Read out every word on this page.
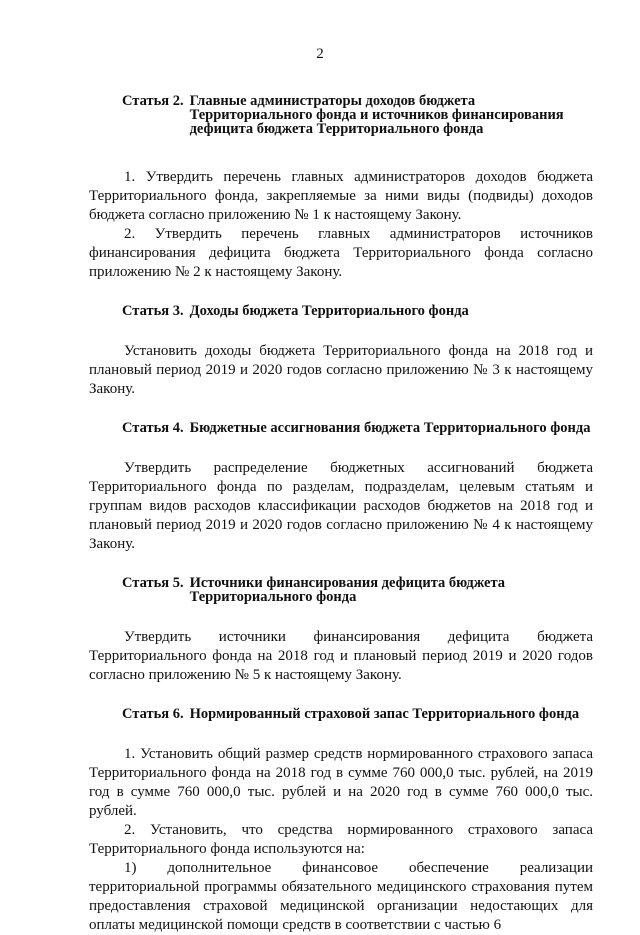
2
Статья 2. Главные администраторы доходов бюджета Территориального фонда и источников финансирования дефицита бюджета Территориального фонда

1. Утвердить перечень главных администраторов доходов бюджета Территориального фонда, закрепляемые за ними виды (подвиды) доходов бюджета согласно приложению № 1 к настоящему Закону.

2. Утвердить перечень главных администраторов источников финансирования дефицита бюджета Территориального фонда согласно приложению № 2 к настоящему Закону.

Статья 3. Доходы бюджета Территориального фонда

Установить доходы бюджета Территориального фонда на 2018 год и плановый период 2019 и 2020 годов согласно приложению № 3 к настоящему Закону.

Статья 4. Бюджетные ассигнования бюджета Территориального фонда

Утвердить распределение бюджетных ассигнований бюджета Территориального фонда по разделам, подразделам, целевым статьям и группам видов расходов классификации расходов бюджетов на 2018 год и плановый период 2019 и 2020 годов согласно приложению № 4 к настоящему Закону.

Статья 5. Источники финансирования дефицита бюджета Территориального фонда

Утвердить источники финансирования дефицита бюджета Территориального фонда на 2018 год и плановый период 2019 и 2020 годов согласно приложению № 5 к настоящему Закону.

Статья 6. Нормированный страховой запас Территориального фонда

1. Установить общий размер средств нормированного страхового запаса Территориального фонда на 2018 год в сумме 760 000,0 тыс. рублей, на 2019 год в сумме 760 000,0 тыс. рублей и на 2020 год в сумме 760 000,0 тыс. рублей.

2. Установить, что средства нормированного страхового запаса Территориального фонда используются на:

1) дополнительное финансовое обеспечение реализации территориальной программы обязательного медицинского страхования путем предоставления страховой медицинской организации недостающих для оплаты медицинской помощи средств в соответствии с частью 6
